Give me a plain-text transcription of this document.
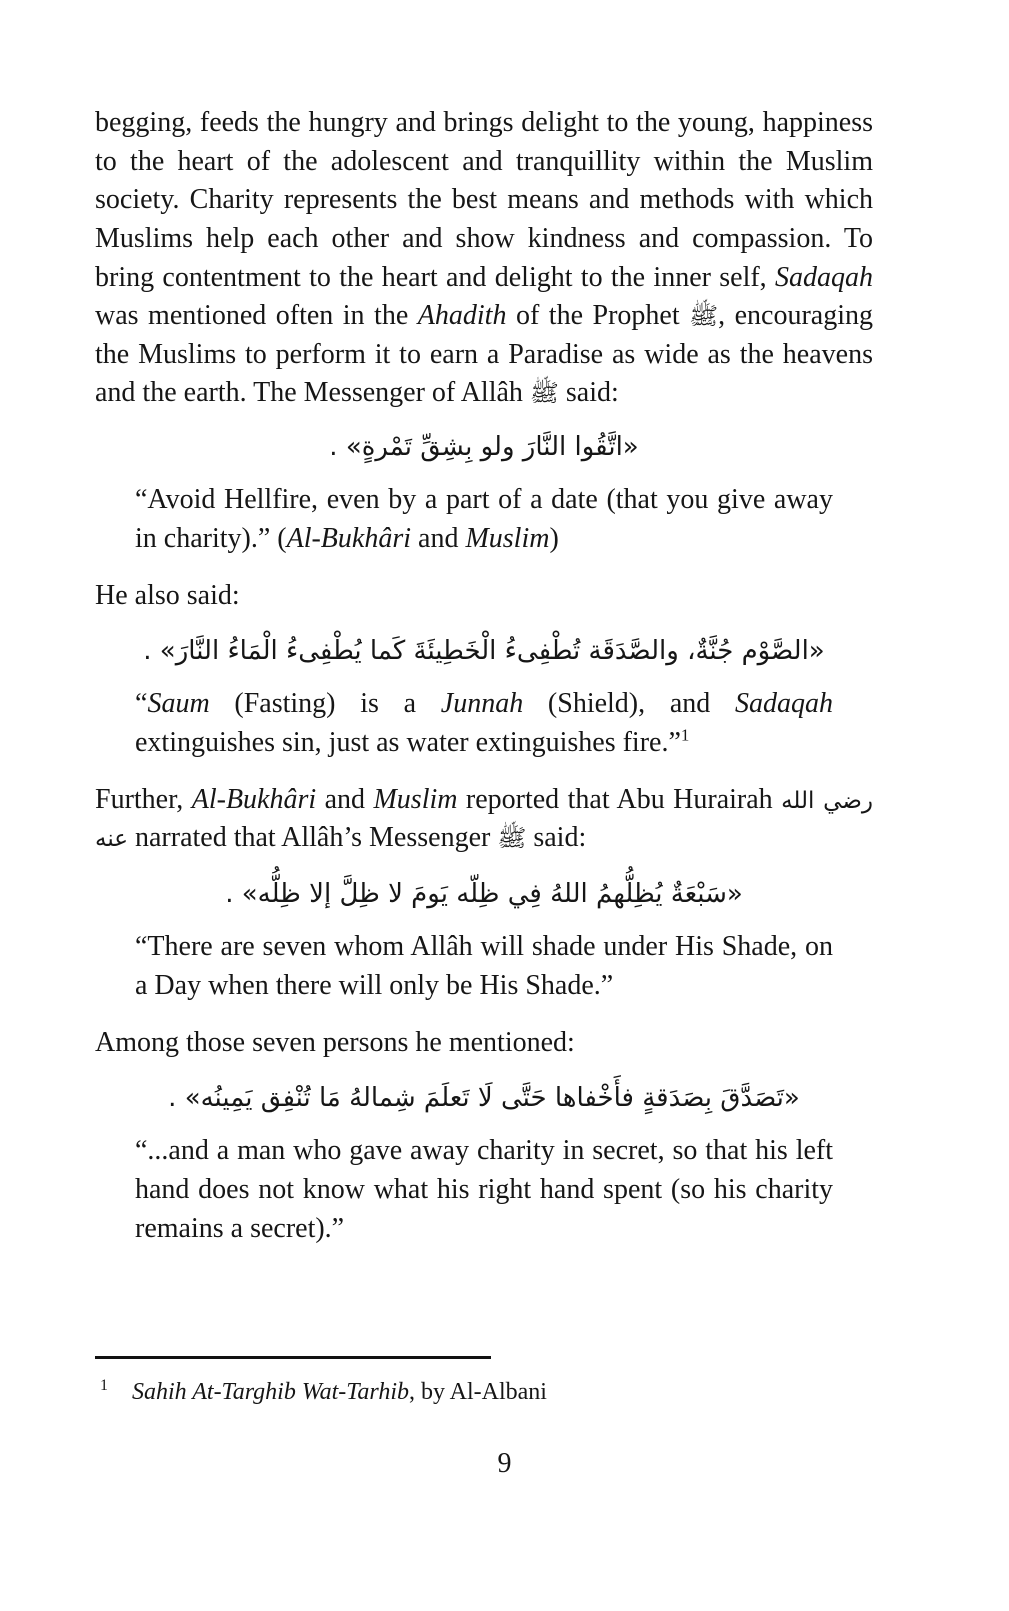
begging, feeds the hungry and brings delight to the young, happiness to the heart of the adolescent and tranquillity within the Muslim society. Charity represents the best means and methods with which Muslims help each other and show kindness and compassion. To bring contentment to the heart and delight to the inner self, Sadaqah was mentioned often in the Ahadith of the Prophet ﷺ, encouraging the Muslims to perform it to earn a Paradise as wide as the heavens and the earth. The Messenger of Allâh ﷺ said:

«اتَّقُوا النَّارَ ولو بِشِقِّ تَمْرةٍ» .

“Avoid Hellfire, even by a part of a date (that you give away in charity).” (Al-Bukhâri and Muslim)

He also said:

«الصَّوْم جُنَّةٌ، والصَّدَقَة تُطْفِىءُ الْخَطِيئَةَ كَما يُطْفِىءُ الْمَاءُ النَّارَ» .

“Saum (Fasting) is a Junnah (Shield), and Sadaqah extinguishes sin, just as water extinguishes fire.”$^1$

Further, Al-Bukhâri and Muslim reported that Abu Hurairah رضي الله عنه narrated that Allâh’s Messenger ﷺ said:

«سَبْعَةٌ يُظِلُّهمُ اللهُ فِي ظِلّه يَومَ لا ظِلَّ إلا ظِلُّه» .

“There are seven whom Allâh will shade under His Shade, on a Day when there will only be His Shade.”

Among those seven persons he mentioned:

«تَصَدَّقَ بِصَدَقةٍ فأَخْفاها حَتَّى لَا تَعلَمَ شِمالهُ مَا تُنْفِق يَمِينُه» .

“...and a man who gave away charity in secret, so that his left hand does not know what his right hand spent (so his charity remains a secret).”
1 Sahih At-Targhib Wat-Tarhib, by Al-Albani
9
